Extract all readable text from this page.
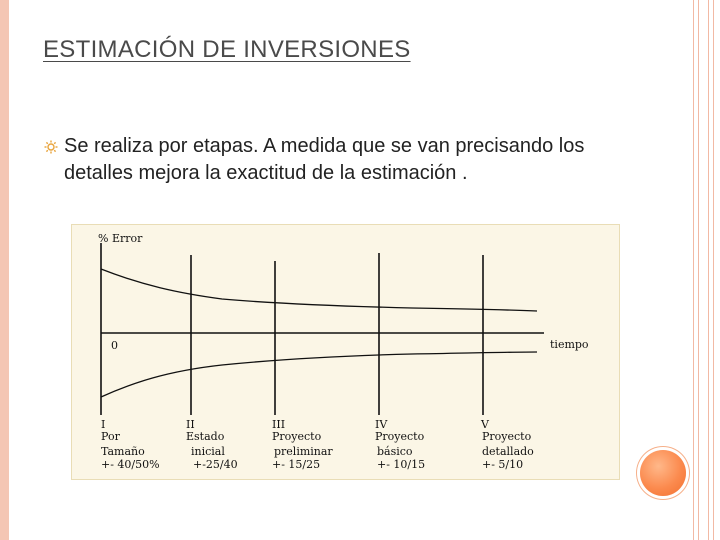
ESTIMACIÓN DE INVERSIONES
Se realiza por etapas. A medida que se van precisando los detalles mejora la exactitud de la estimación .
% Error
0	tiempo
I
Por
Tamaño
+- 40/50%
II
Estado
inicial
+-25/40
III
Proyecto
preliminar
+- 15/25
IV
Proyecto
básico
+- 10/15
V
Proyecto
detallado
+- 5/10
